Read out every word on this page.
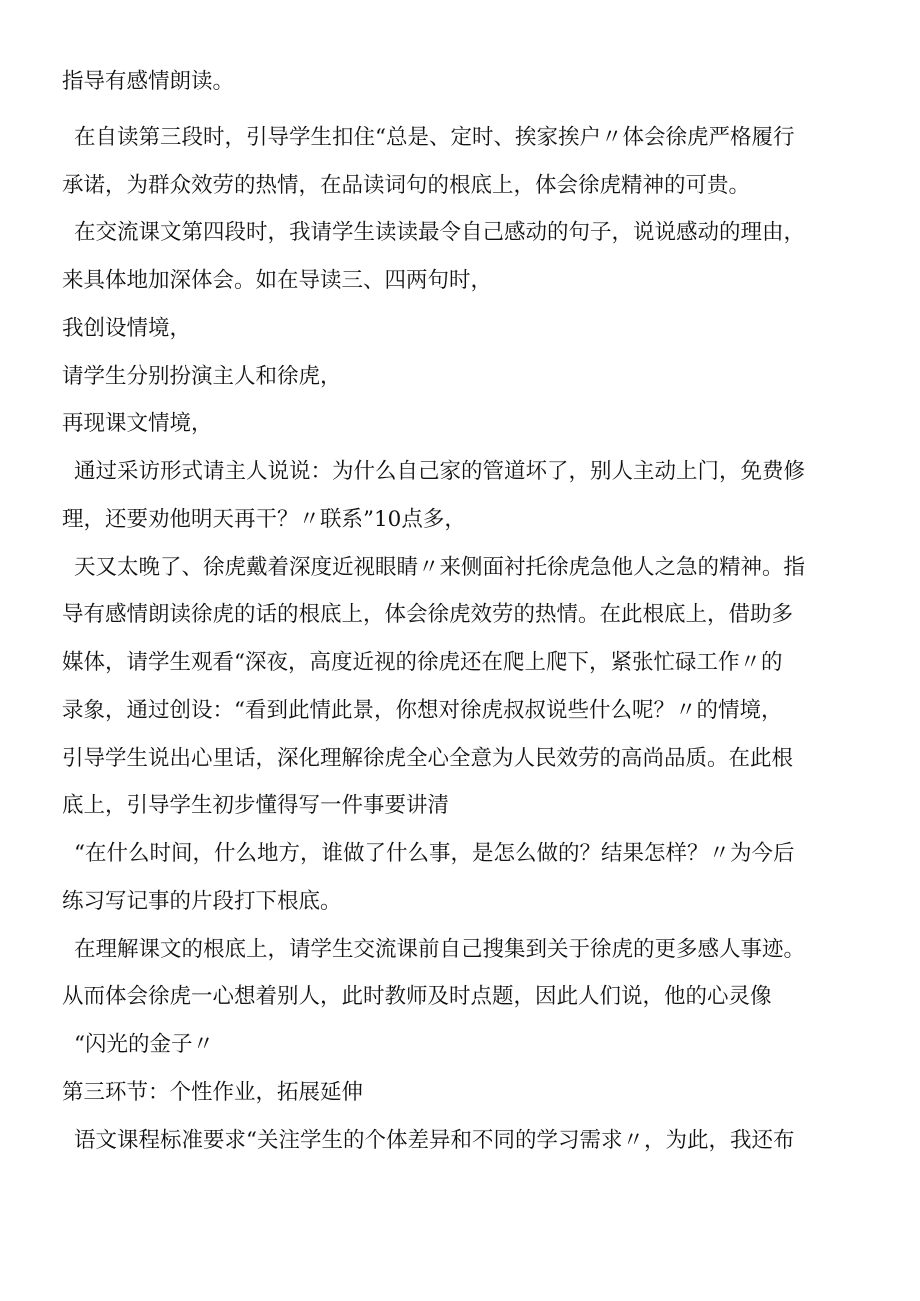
指导有感情朗读。
在自读第三段时，引导学生扣住“总是、定时、挨家挨户〃体会徐虎严格履行
承诺，为群众效劳的热情，在品读词句的根底上，体会徐虎精神的可贵。
在交流课文第四段时，我请学生读读最令自己感动的句子，说说感动的理由，
来具体地加深体会。如在导读三、四两句时，
我创设情境，
请学生分别扮演主人和徐虎，
再现课文情境，
通过采访形式请主人说说：为什么自己家的管道坏了，别人主动上门，免费修
理，还要劝他明天再干？〃联系”10点多，
天又太晚了、徐虎戴着深度近视眼睛〃来侧面衬托徐虎急他人之急的精神。指
导有感情朗读徐虎的话的根底上，体会徐虎效劳的热情。在此根底上，借助多
媒体，请学生观看“深夜，高度近视的徐虎还在爬上爬下，紧张忙碌工作〃的
录象，通过创设：“看到此情此景，你想对徐虎叔叔说些什么呢？〃的情境，
引导学生说出心里话，深化理解徐虎全心全意为人民效劳的高尚品质。在此根
底上，引导学生初步懂得写一件事要讲清
“在什么时间，什么地方，谁做了什么事，是怎么做的？结果怎样？〃为今后
练习写记事的片段打下根底。
在理解课文的根底上，请学生交流课前自己搜集到关于徐虎的更多感人事迹。
从而体会徐虎一心想着别人，此时教师及时点题，因此人们说，他的心灵像
“闪光的金子〃
第三环节：个性作业，拓展延伸
语文课程标准要求“关注学生的个体差异和不同的学习需求〃，为此，我还布
